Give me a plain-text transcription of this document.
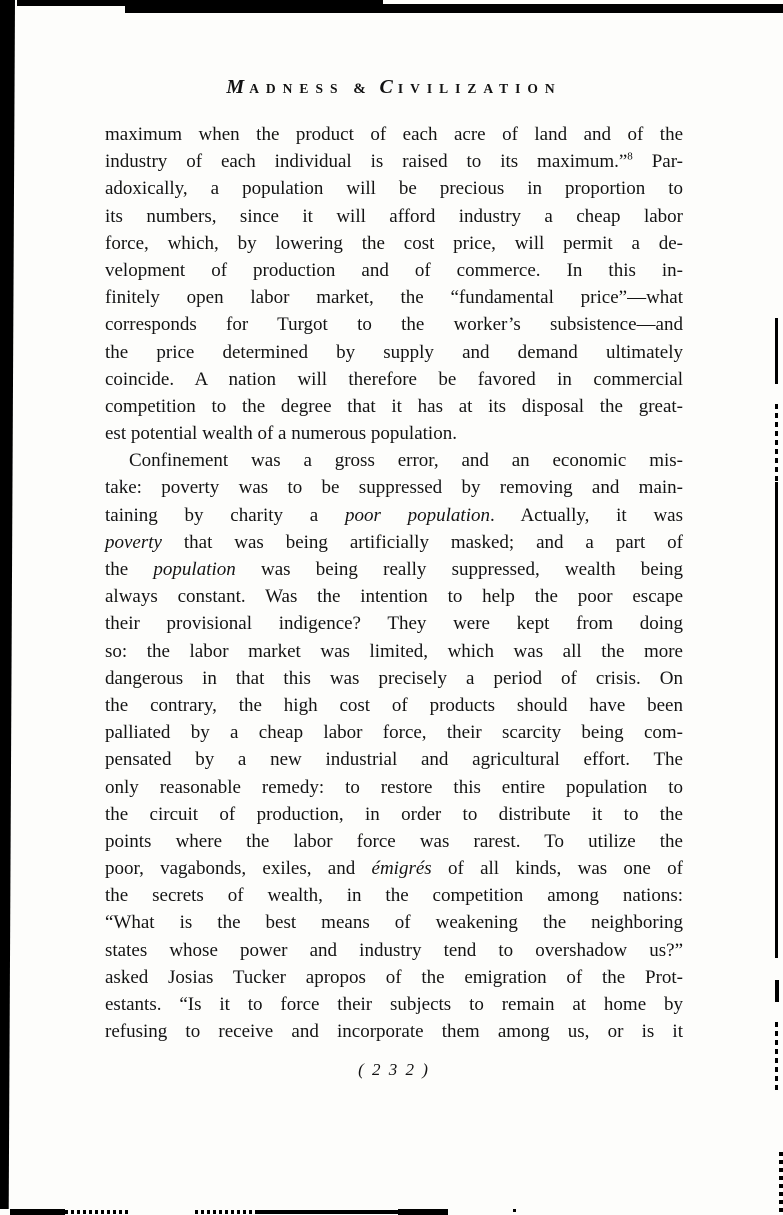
MADNESS & CIVILIZATION
maximum when the product of each acre of land and of the
industry of each individual is raised to its maximum.”$^8$ Par-
adoxically, a population will be precious in proportion to
its numbers, since it will afford industry a cheap labor
force, which, by lowering the cost price, will permit a de-
velopment of production and of commerce. In this in-
finitely open labor market, the “fundamental price”—what
corresponds for Turgot to the worker’s subsistence—and
the price determined by supply and demand ultimately
coincide. A nation will therefore be favored in commercial
competition to the degree that it has at its disposal the great-
est potential wealth of a numerous population.
Confinement was a gross error, and an economic mis-
take: poverty was to be suppressed by removing and main-
taining by charity a poor population. Actually, it was
poverty that was being artificially masked; and a part of
the population was being really suppressed, wealth being
always constant. Was the intention to help the poor escape
their provisional indigence? They were kept from doing
so: the labor market was limited, which was all the more
dangerous in that this was precisely a period of crisis. On
the contrary, the high cost of products should have been
palliated by a cheap labor force, their scarcity being com-
pensated by a new industrial and agricultural effort. The
only reasonable remedy: to restore this entire population to
the circuit of production, in order to distribute it to the
points where the labor force was rarest. To utilize the
poor, vagabonds, exiles, and émigrés of all kinds, was one of
the secrets of wealth, in the competition among nations:
“What is the best means of weakening the neighboring
states whose power and industry tend to overshadow us?”
asked Josias Tucker apropos of the emigration of the Prot-
estants. “Is it to force their subjects to remain at home by
refusing to receive and incorporate them among us, or is it
( 2 3 2 )
